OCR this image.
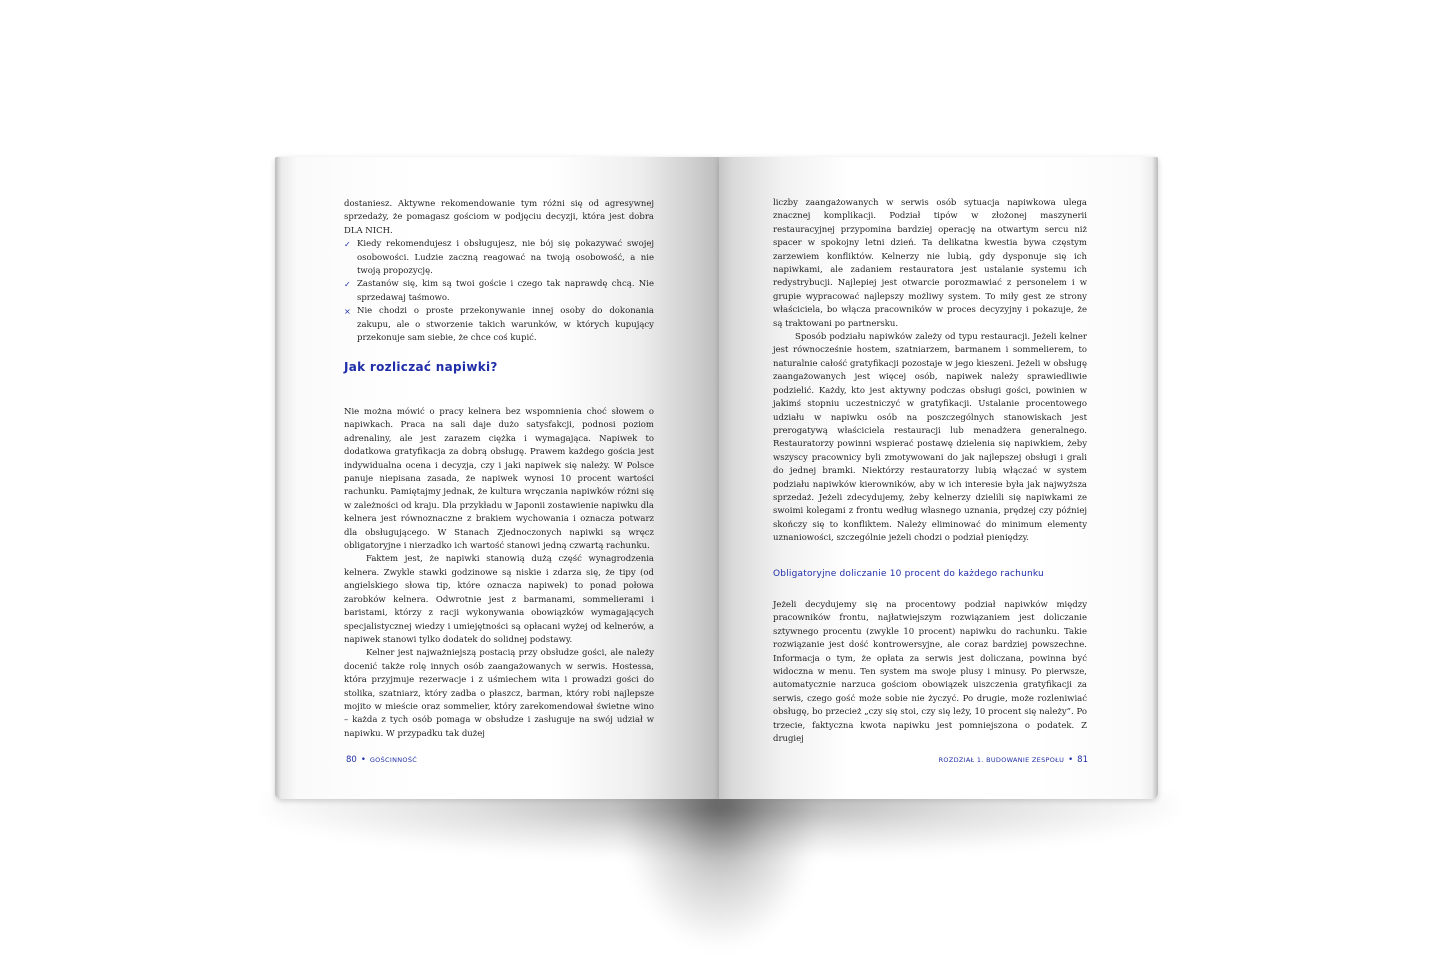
dostaniesz. Aktywne rekomendowanie tym różni się od agresywnej sprzedaży, że pomagasz gościom w podjęciu decyzji, która jest dobra DLA NICH.

✓ Kiedy rekomendujesz i obsługujesz, nie bój się pokazywać swojej osobowości. Ludzie zaczną reagować na twoją osobowość, a nie twoją propozycję.
✓ Zastanów się, kim są twoi goście i czego tak naprawdę chcą. Nie sprzedawaj taśmowo.
× Nie chodzi o proste przekonywanie innej osoby do dokonania zakupu, ale o stworzenie takich warunków, w których kupujący przekonuje sam siebie, że chce coś kupić.
Jak rozliczać napiwki?

Nie można mówić o pracy kelnera bez wspomnienia choć słowem o napiwkach. Praca na sali daje dużo satysfakcji, podnosi poziom adrenaliny, ale jest zarazem ciężka i wymagająca. Napiwek to dodatkowa gratyfikacja za dobrą obsługę. Prawem każdego gościa jest indywidualna ocena i decyzja, czy i jaki napiwek się należy. W Polsce panuje niepisana zasada, że napiwek wynosi 10 procent wartości rachunku. Pamiętajmy jednak, że kultura wręczania napiwków różni się w zależności od kraju. Dla przykładu w Japonii zostawienie napiwku dla kelnera jest równoznaczne z brakiem wychowania i oznacza potwarz dla obsługującego. W Stanach Zjednoczonych napiwki są wręcz obligatoryjne i nierzadko ich wartość stanowi jedną czwartą rachunku.

Faktem jest, że napiwki stanowią dużą część wynagrodzenia kelnera. Zwykle stawki godzinowe są niskie i zdarza się, że tipy (od angielskiego słowa tip, które oznacza napiwek) to ponad połowa zarobków kelnera. Odwrotnie jest z barmanami, sommelierami i baristami, którzy z racji wykonywania obowiązków wymagających specjalistycznej wiedzy i umiejętności są opłacani wyżej od kelnerów, a napiwek stanowi tylko dodatek do solidnej podstawy.

Kelner jest najważniejszą postacią przy obsłudze gości, ale należy docenić także rolę innych osób zaangażowanych w serwis. Hostessa, która przyjmuje rezerwacje i z uśmiechem wita i prowadzi gości do stolika, szatniarz, który zadba o płaszcz, barman, który robi najlepsze mojito w mieście oraz sommelier, który zarekomendował świetne wino – każda z tych osób pomaga w obsłudze i zasługuje na swój udział w napiwku. W przypadku tak dużej

80 • GOŚCINNOŚĆ

liczby zaangażowanych w serwis osób sytuacja napiwkowa ulega znacznej komplikacji. Podział tipów w złożonej maszynerii restauracyjnej przypomina bardziej operację na otwartym sercu niż spacer w spokojny letni dzień. Ta delikatna kwestia bywa częstym zarzewiem konfliktów. Kelnerzy nie lubią, gdy dysponuje się ich napiwkami, ale zadaniem restauratora jest ustalanie systemu ich redystrybucji. Najlepiej jest otwarcie porozmawiać z personelem i w grupie wypracować najlepszy możliwy system. To miły gest ze strony właściciela, bo włącza pracowników w proces decyzyjny i pokazuje, że są traktowani po partnersku.

Sposób podziału napiwków zależy od typu restauracji. Jeżeli kelner jest równocześnie hostem, szatniarzem, barmanem i sommelierem, to naturalnie całość gratyfikacji pozostaje w jego kieszeni. Jeżeli w obsługę zaangażowanych jest więcej osób, napiwek należy sprawiedliwie podzielić. Każdy, kto jest aktywny podczas obsługi gości, powinien w jakimś stopniu uczestniczyć w gratyfikacji. Ustalanie procentowego udziału w napiwku osób na poszczególnych stanowiskach jest prerogatywą właściciela restauracji lub menadżera generalnego. Restauratorzy powinni wspierać postawę dzielenia się napiwkiem, żeby wszyscy pracownicy byli zmotywowani do jak najlepszej obsługi i grali do jednej bramki. Niektórzy restauratorzy lubią włączać w system podziału napiwków kierowników, aby w ich interesie była jak najwyższa sprzedaż. Jeżeli zdecydujemy, żeby kelnerzy dzielili się napiwkami ze swoimi kolegami z frontu według własnego uznania, prędzej czy później skończy się to konfliktem. Należy eliminować do minimum elementy uznaniowości, szczególnie jeżeli chodzi o podział pieniędzy.

Obligatoryjne doliczanie 10 procent do każdego rachunku

Jeżeli decydujemy się na procentowy podział napiwków między pracowników frontu, najłatwiejszym rozwiązaniem jest doliczanie sztywnego procentu (zwykle 10 procent) napiwku do rachunku. Takie rozwiązanie jest dość kontrowersyjne, ale coraz bardziej powszechne. Informacja o tym, że opłata za serwis jest doliczana, powinna być widoczna w menu. Ten system ma swoje plusy i minusy. Po pierwsze, automatycznie narzuca gościom obowiązek uiszczenia gratyfikacji za serwis, czego gość może sobie nie życzyć. Po drugie, może rozleniwiać obsługę, bo przecież „czy się stoi, czy się leży, 10 procent się należy”. Po trzecie, faktyczna kwota napiwku jest pomniejszona o podatek. Z drugiej

ROZDZIAŁ 1. BUDOWANIE ZESPOŁU • 81
